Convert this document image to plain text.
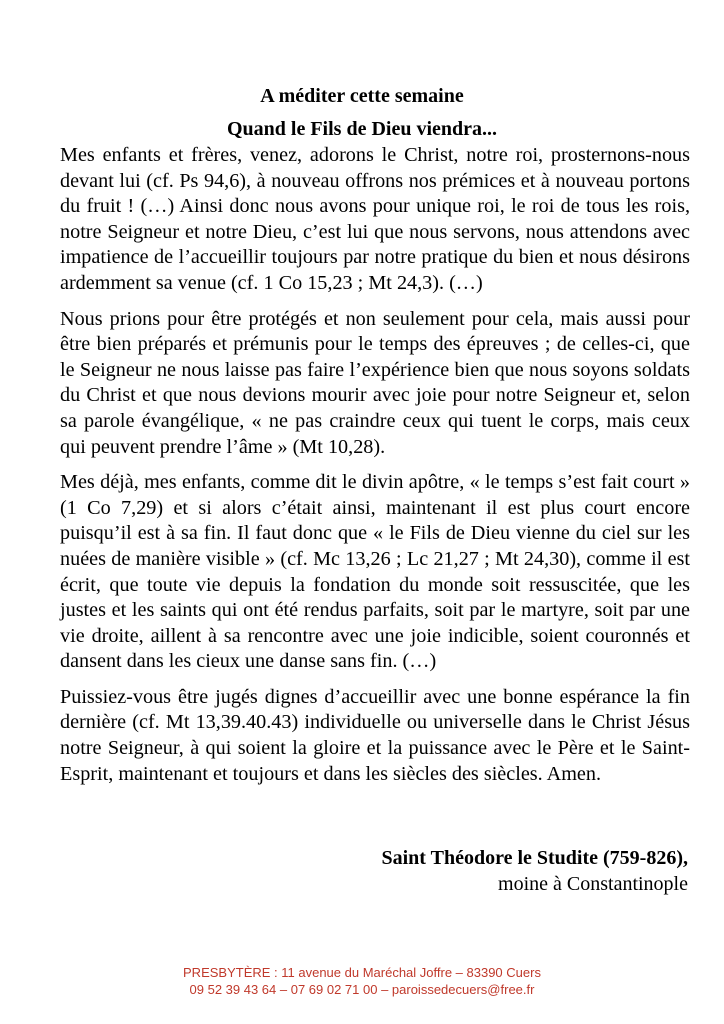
A méditer cette semaine
Quand le Fils de Dieu viendra...

Mes enfants et frères, venez, adorons le Christ, notre roi, prosternons-nous devant lui (cf. Ps 94,6), à nouveau offrons nos prémices et à nouveau portons du fruit ! (…) Ainsi donc nous avons pour unique roi, le roi de tous les rois, notre Seigneur et notre Dieu, c’est lui que nous servons, nous attendons avec impatience de l’accueillir toujours par notre pratique du bien et nous désirons ardemment sa venue (cf. 1 Co 15,23 ; Mt 24,3). (…)

Nous prions pour être protégés et non seulement pour cela, mais aussi pour être bien préparés et prémunis pour le temps des épreuves ; de celles-ci, que le Seigneur ne nous laisse pas faire l’expérience bien que nous soyons soldats du Christ et que nous devions mourir avec joie pour notre Seigneur et, selon sa parole évangélique, « ne pas craindre ceux qui tuent le corps, mais ceux qui peuvent prendre l’âme » (Mt 10,28).

Mes déjà, mes enfants, comme dit le divin apôtre, « le temps s’est fait court » (1 Co 7,29) et si alors c’était ainsi, maintenant il est plus court encore puisqu’il est à sa fin. Il faut donc que « le Fils de Dieu vienne du ciel sur les nuées de manière visible » (cf. Mc 13,26 ; Lc 21,27 ; Mt 24,30), comme il est écrit, que toute vie depuis la fondation du monde soit ressuscitée, que les justes et les saints qui ont été rendus parfaits, soit par le martyre, soit par une vie droite, aillent à sa rencontre avec une joie indicible, soient couronnés et dansent dans les cieux une danse sans fin. (…)

Puissiez-vous être jugés dignes d’accueillir avec une bonne espérance la fin dernière (cf. Mt 13,39.40.43) individuelle ou universelle dans le Christ Jésus notre Seigneur, à qui soient la gloire et la puissance avec le Père et le Saint-Esprit, maintenant et toujours et dans les siècles des siècles. Amen.

Saint Théodore le Studite (759-826),
moine à Constantinople
PRESBYTÈRE : 11 avenue du Maréchal Joffre – 83390 Cuers
09 52 39 43 64 – 07 69 02 71 00 – paroissedecuers@free.fr
